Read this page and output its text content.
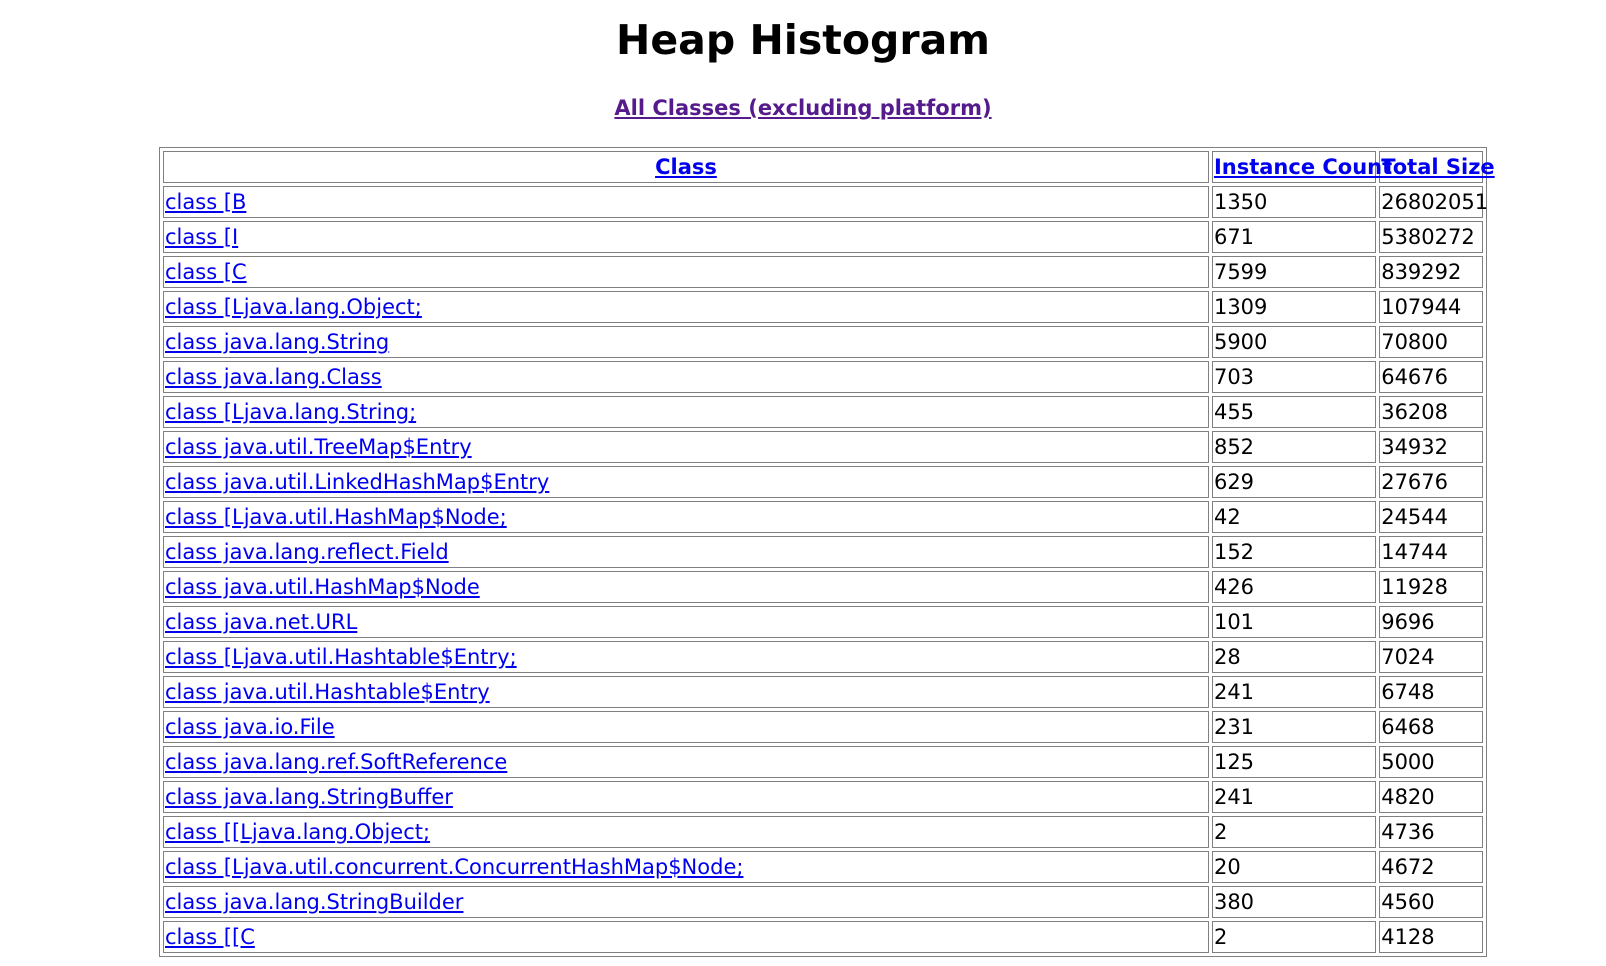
Heap Histogram
All Classes (excluding platform)
Class	Instance Count	Total Size
class [B	1350	26802051
class [I	671	5380272
class [C	7599	839292
class [Ljava.lang.Object;	1309	107944
class java.lang.String	5900	70800
class java.lang.Class	703	64676
class [Ljava.lang.String;	455	36208
class java.util.TreeMap$Entry	852	34932
class java.util.LinkedHashMap$Entry	629	27676
class [Ljava.util.HashMap$Node;	42	24544
class java.lang.reflect.Field	152	14744
class java.util.HashMap$Node	426	11928
class java.net.URL	101	9696
class [Ljava.util.Hashtable$Entry;	28	7024
class java.util.Hashtable$Entry	241	6748
class java.io.File	231	6468
class java.lang.ref.SoftReference	125	5000
class java.lang.StringBuffer	241	4820
class [[Ljava.lang.Object;	2	4736
class [Ljava.util.concurrent.ConcurrentHashMap$Node;	20	4672
class java.lang.StringBuilder	380	4560
class [[C	2	4128
